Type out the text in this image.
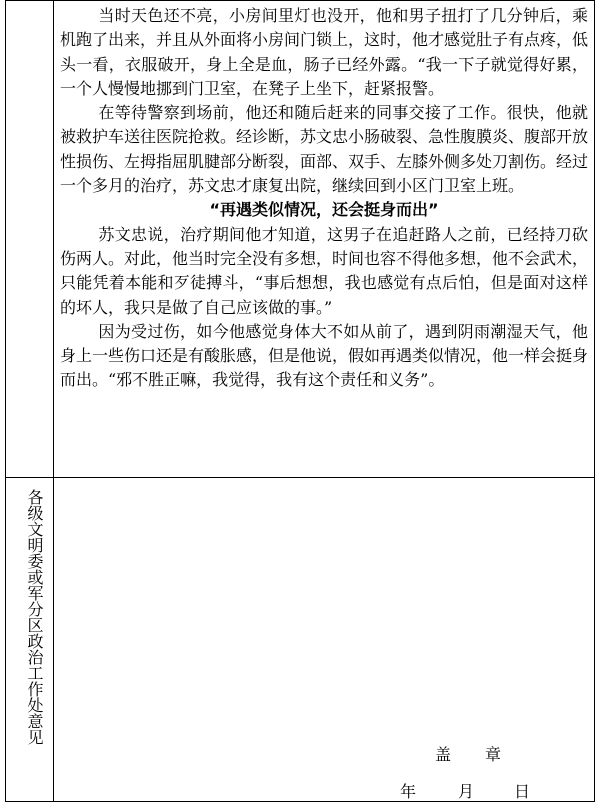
当时天色还不亮，小房间里灯也没开，他和男子扭打了几分钟后，乘机跑了出来，并且从外面将小房间门锁上，这时，他才感觉肚子有点疼，低头一看，衣服破开，身上全是血，肠子已经外露。“我一下子就觉得好累，一个人慢慢地挪到门卫室，在凳子上坐下，赶紧报警。

在等待警察到场前，他还和随后赶来的同事交接了工作。很快，他就被救护车送往医院抢救。经诊断，苏文忠小肠破裂、急性腹膜炎、腹部开放性损伤、左拇指屈肌腱部分断裂，面部、双手、左膝外侧多处刀割伤。经过一个多月的治疗，苏文忠才康复出院，继续回到小区门卫室上班。

“再遇类似情况，还会挺身而出”

苏文忠说，治疗期间他才知道，这男子在追赶路人之前，已经持刀砍伤两人。对此，他当时完全没有多想，时间也容不得他多想，他不会武术，只能凭着本能和歹徒搏斗，“事后想想，我也感觉有点后怕，但是面对这样的坏人，我只是做了自己应该做的事。”

因为受过伤，如今他感觉身体大不如从前了，遇到阴雨潮湿天气，他身上一些伤口还是有酸胀感，但是他说，假如再遇类似情况，他一样会挺身而出。“邪不胜正嘛，我觉得，我有这个责任和义务”。

各级文明委或军分区政治工作处意见
盖 章
年	月 日
